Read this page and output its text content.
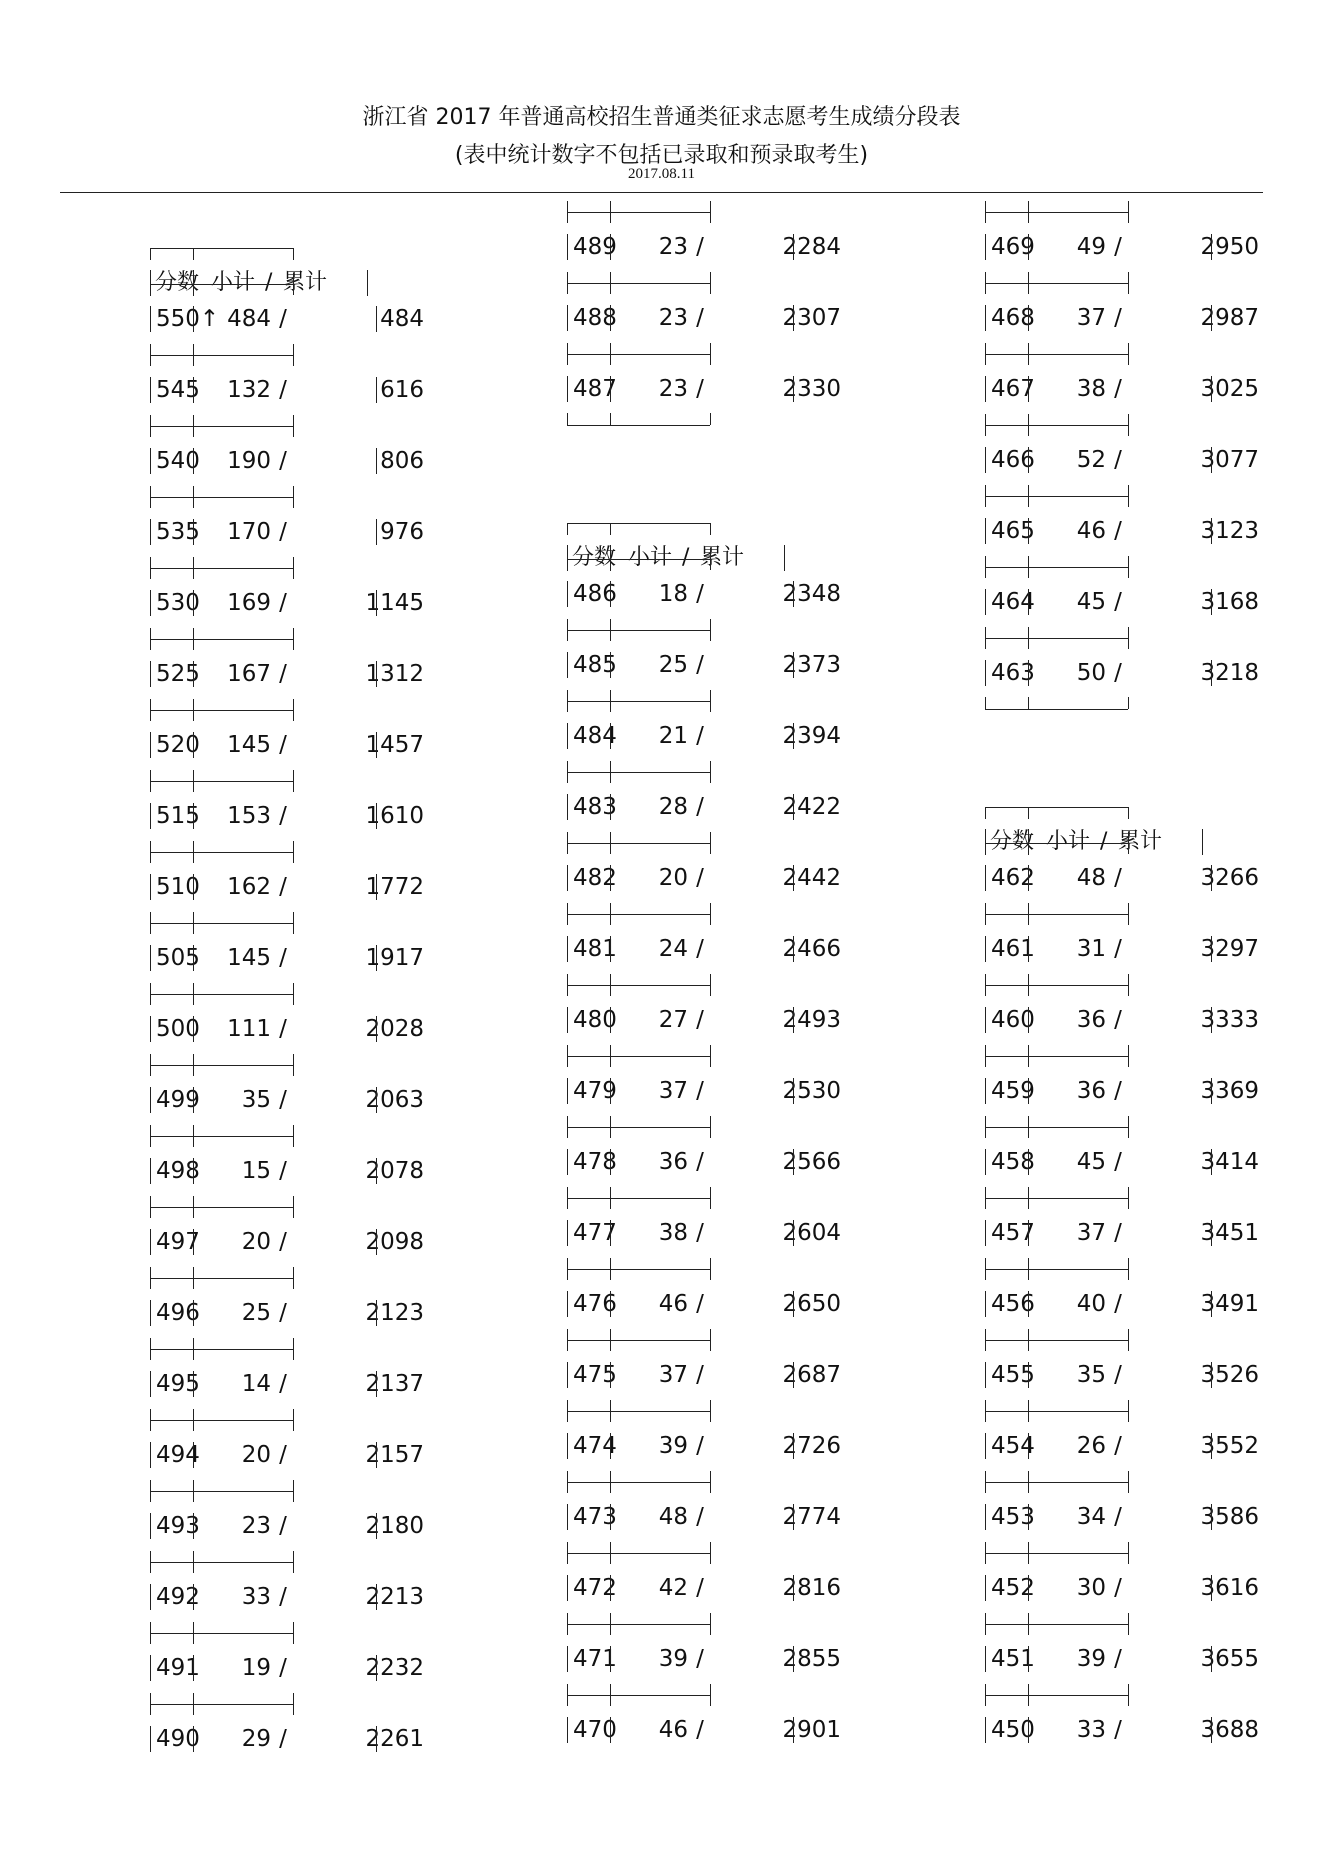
浙江省 2017 年普通高校招生普通类征求志愿考生成绩分段表
(表中统计数字不包括已录取和预录取考生)
2017.08.11
分数 小计 / 累计
550↑ 484 /	484
545	132 /	616
540	190 /	806
535	170 /	976
530	169 /	1145
525	167 /	1312
520	145 /	1457
515	153 /	1610
510	162 /	1772
505	145 /	1917
500	111 /	2028
499	35 /	2063
498	15 /	2078
497	20 /	2098
496	25 /	2123
495	14 /	2137
494	20 /	2157
493	23 /	2180
492	33 /	2213
491	19 /	2232
490	29 /	2261
489	23 /	2284
488	23 /	2307
487	23 /	2330
分数 小计 / 累计
486	18 /	2348
485	25 /	2373
484	21 /	2394
483	28 /	2422
482	20 /	2442
481	24 /	2466
480	27 /	2493
479	37 /	2530
478	36 /	2566
477	38 /	2604
476	46 /	2650
475	37 /	2687
474	39 /	2726
473	48 /	2774
472	42 /	2816
471	39 /	2855
470	46 /	2901
469	49 /	2950
468	37 /	2987
467	38 /	3025
466	52 /	3077
465	46 /	3123
464	45 /	3168
463	50 /	3218
分数 小计 / 累计
462	48 /	3266
461	31 /	3297
460	36 /	3333
459	36 /	3369
458	45 /	3414
457	37 /	3451
456	40 /	3491
455	35 /	3526
454	26 /	3552
453	34 /	3586
452	30 /	3616
451	39 /	3655
450	33 /	3688
